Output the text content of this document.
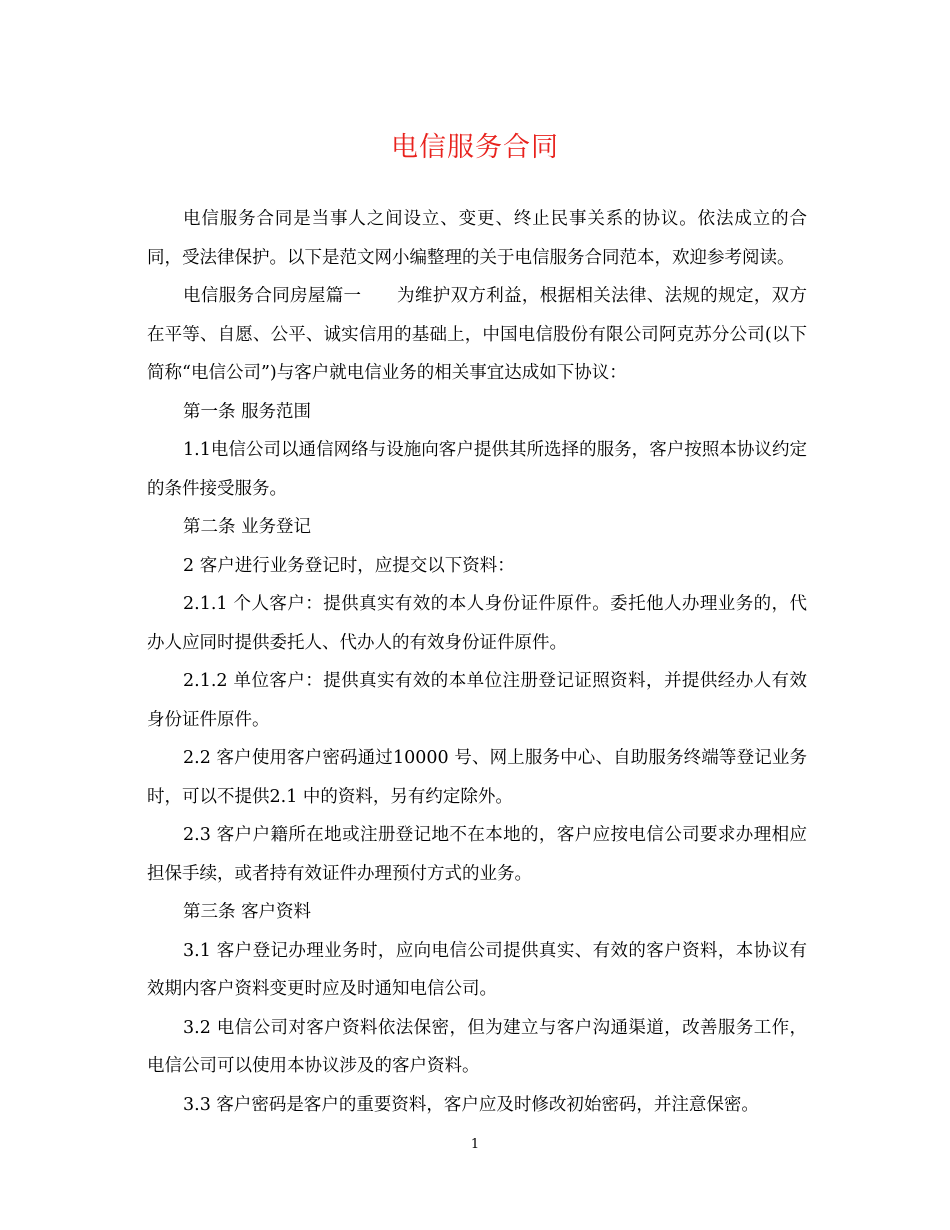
电信服务合同

电信服务合同是当事人之间设立、变更、终止民事关系的协议。依法成立的合同，受法律保护。以下是范文网小编整理的关于电信服务合同范本，欢迎参考阅读。

电信服务合同房屋篇一　　为维护双方利益，根据相关法律、法规的规定，双方在平等、自愿、公平、诚实信用的基础上，中国电信股份有限公司阿克苏分公司(以下简称“电信公司”)与客户就电信业务的相关事宜达成如下协议：

第一条 服务范围

1.1电信公司以通信网络与设施向客户提供其所选择的服务，客户按照本协议约定的条件接受服务。

第二条 业务登记

2 客户进行业务登记时，应提交以下资料：

2.1.1 个人客户：提供真实有效的本人身份证件原件。委托他人办理业务的，代办人应同时提供委托人、代办人的有效身份证件原件。

2.1.2 单位客户：提供真实有效的本单位注册登记证照资料，并提供经办人有效身份证件原件。

2.2 客户使用客户密码通过10000 号、网上服务中心、自助服务终端等登记业务时，可以不提供2.1 中的资料，另有约定除外。

2.3 客户户籍所在地或注册登记地不在本地的，客户应按电信公司要求办理相应担保手续，或者持有效证件办理预付方式的业务。

第三条 客户资料

3.1 客户登记办理业务时，应向电信公司提供真实、有效的客户资料，本协议有效期内客户资料变更时应及时通知电信公司。

3.2 电信公司对客户资料依法保密，但为建立与客户沟通渠道，改善服务工作，电信公司可以使用本协议涉及的客户资料。

3.3 客户密码是客户的重要资料，客户应及时修改初始密码，并注意保密。

1
